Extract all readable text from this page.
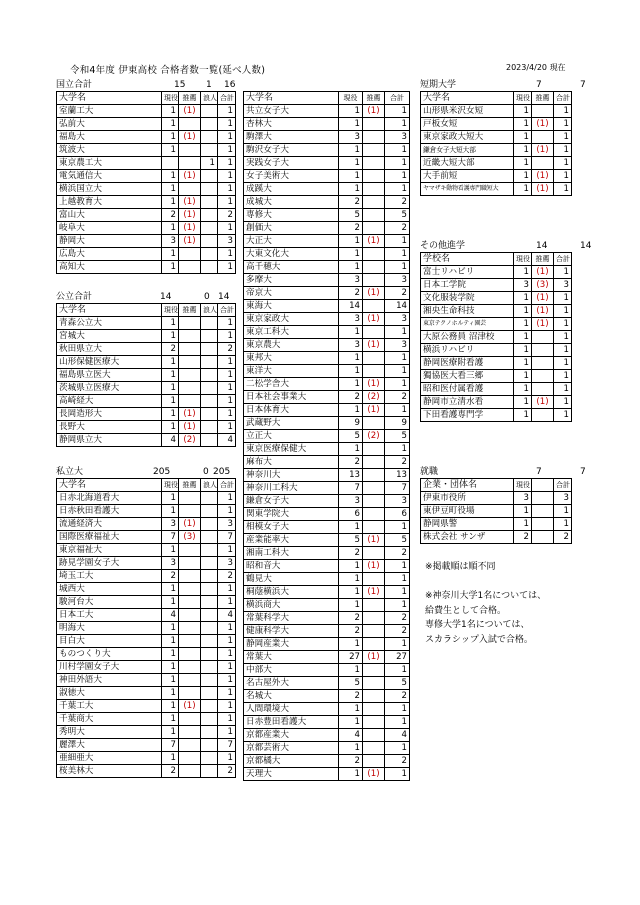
令和4年度 伊東高校 合格者数一覧(延べ人数)	2023/4/20 現在
国立合計	15 1 16
大学名	現役	推薦	浪人	合計
室蘭工大	1	(1)		1
弘前大	1			1
福島大	1	(1)		1
筑波大	1			1
東京農工大			1	1
電気通信大	1	(1)		1
横浜国立大	1			1
上越教育大	1	(1)		1
富山大	2	(1)		2
岐阜大	1	(1)		1
静岡大	3	(1)		3
広島大	1			1
高知大	1			1
公立合計	14	0 14
大学名	現役	推薦	浪人	合計
青森公立大	1			1
宮城大	1			1
秋田県立大	2			2
山形保健医療大	1			1
福島県立医大	1			1
茨城県立医療大	1			1
高崎経大	1			1
長岡造形大	1	(1)		1
長野大	1	(1)		1
静岡県立大	4	(2)		4
私立大	205	0 205
大学名	現役	推薦	浪人	合計
日赤北海道看大	1			1
日赤秋田看護大	1			1
流通経済大	3	(1)		3
国際医療福祉大	7	(3)		7
東京福祉大	1			1
跡見学園女子大	3			3
埼玉工大	2			2
城西大	1			1
駿河台大	1			1
日本工大	4			4
明海大	1			1
目白大	1			1
ものつくり大	1			1
川村学園女子大	1			1
神田外語大	1			1
淑徳大	1			1
千葉工大	1	(1)		1
千葉商大	1			1
秀明大	1			1
麗澤大	7			7
亜細亜大	1			1
桜美林大	2			2
大学名	現役	推薦	合計
共立女子大	1	(1)	1
杏林大	1		1
駒澤大	3		3
駒沢女子大	1		1
実践女子大	1		1
女子美術大	1		1
成蹊大	1		1
成城大	2		2
専修大	5		5
創価大	2		2
大正大	1	(1)	1
大東文化大	1		1
高千穂大	1		1
多摩大	3		3
帝京大	2	(1)	2
東海大	14		14
東京家政大	3	(1)	3
東京工科大	1		1
東京農大	3	(1)	3
東邦大	1		1
東洋大	1		1
二松学舎大	1	(1)	1
日本社会事業大	2	(2)	2
日本体育大	1	(1)	1
武蔵野大	9		9
立正大	5	(2)	5
東京医療保健大	1		1
麻布大	2		2
神奈川大	13		13
神奈川工科大	7		7
鎌倉女子大	3		3
関東学院大	6		6
相模女子大	1		1
産業能率大	5	(1)	5
湘南工科大	2		2
昭和音大	1	(1)	1
鶴見大	1		1
桐蔭横浜大	1	(1)	1
横浜商大	1		1
常葉科学大	2		2
健康科学大	2		2
静岡産業大	1		1
常葉大	27	(1)	27
中部大	1		1
名古屋外大	5		5
名城大	2		2
人間環境大	1		1
日赤豊田看護大	1		1
京都産業大	4		4
京都芸術大	1		1
京都橘大	2		2
天理大	1	(1)	1
短期大学	7	7
大学名	現役	推薦	合計
山形県米沢女短	1		1
戸板女短	1	(1)	1
東京家政大短大	1		1
鎌倉女子大短大部	1	(1)	1
近畿大短大部	1		1
大手前短	1	(1)	1
ヤマザキ動物看護専門職短大	1	(1)	1
その他進学	14	14
学校名	現役	推薦	合計
富士リハビリ	1	(1)	1
日本工学院	3	(3)	3
文化服装学院	1	(1)	1
湘央生命科技	1	(1)	1
東京テクノホルティ園芸	1	(1)	1
大原公務員 沼津校	1		1
横浜リハビリ	1		1
静岡医療附看護	1		1
獨協医大看三郷	1		1
昭和医付属看護	1		1
静岡市立清水看	1	(1)	1
下田看護専門学	1		1
就職	7	7
企業・団体名	現役		合計
伊東市役所	3		3
東伊豆町役場	1		1
静岡県警	1		1
株式会社 サンザ	2		2
※掲載順は順不同

※神奈川大学1名については、
給費生として合格。
専修大学1名については、
スカラシップ入試で合格。
